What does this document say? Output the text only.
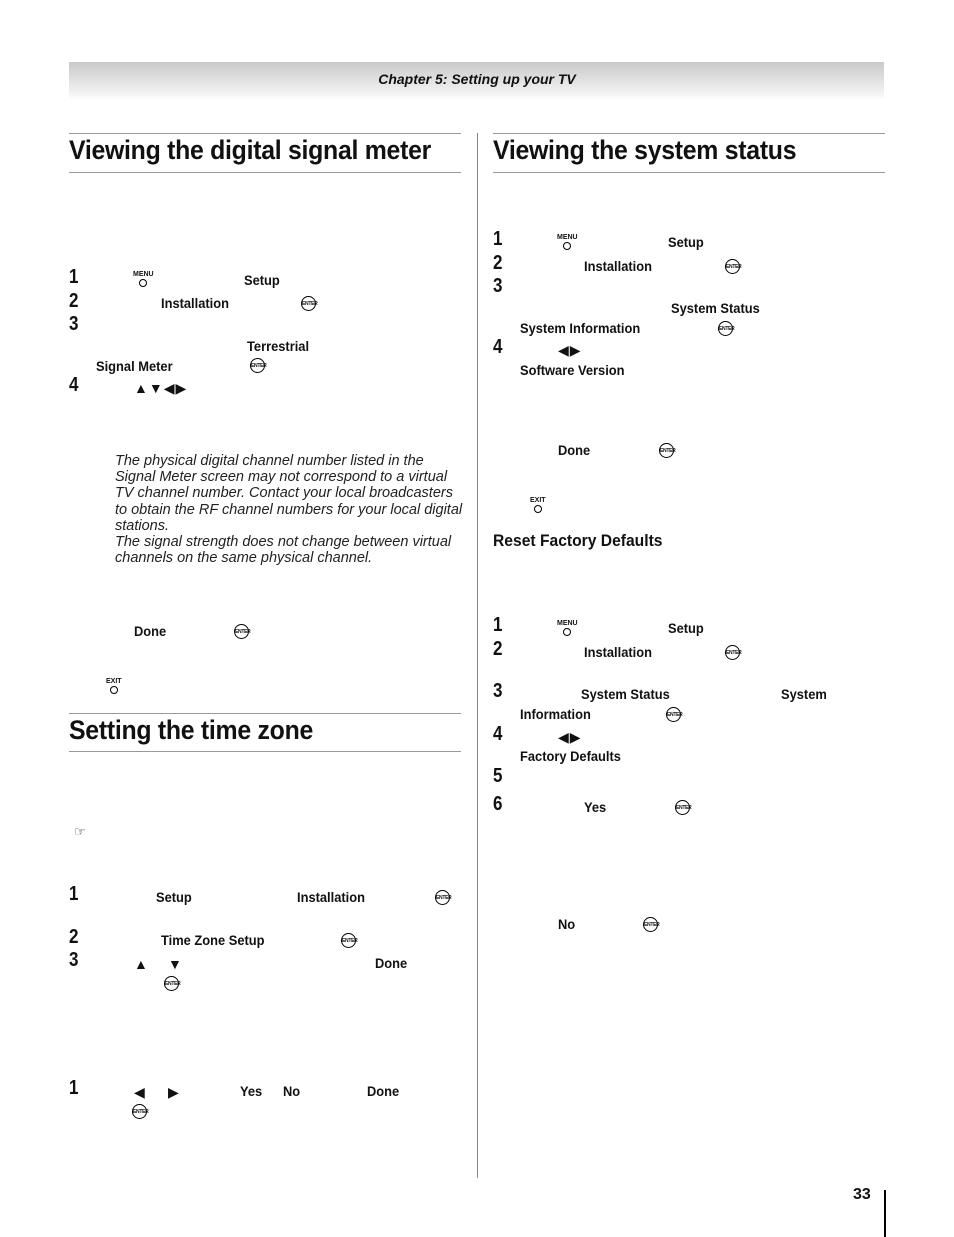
Chapter 5: Setting up your TV
Viewing the digital signal meter
1	MENU	Setup
2	Installation	ENTER
3
Terrestrial
Signal Meter	ENTER
4	▲▼◀▶
The physical digital channel number listed in the Signal Meter screen may not correspond to a virtual TV channel number. Contact your local broadcasters to obtain the RF channel numbers for your local digital stations.
The signal strength does not change between virtual channels on the same physical channel.
Done	ENTER
EXIT
Setting the time zone
☞
1	Setup	Installation	ENTER
2	Time Zone Setup	ENTER
3	▲ ▼	Done
ENTER
1	◀ ▶	Yes No	Done
ENTER
Viewing the system status
1	MENU	Setup
2	Installation	ENTER
3
System Status
System Information	ENTER
4	◀▶
Software Version
Done	ENTER
EXIT
Reset Factory Defaults
1	MENU	Setup
2	Installation	ENTER
3	System Status	System
Information	ENTER
4	◀▶
Factory Defaults
5
6	Yes	ENTER
No	ENTER
33
